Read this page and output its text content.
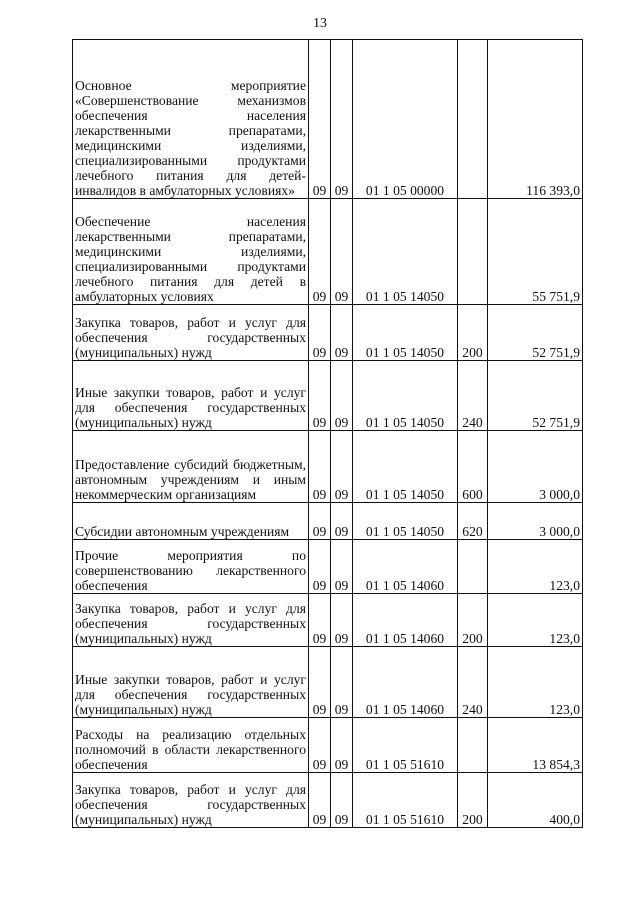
13
Основное мероприятие «Совершенствование механизмов обеспечения населения лекарственными препаратами, медицинскими изделиями, специализированными продуктами лечебного питания для детей-инвалидов в амбулаторных условиях»	09	09	01 1 05 00000		116 393,0
Обеспечение населения лекарственными препаратами, медицинскими изделиями, специализированными продуктами лечебного питания для детей в амбулаторных условиях	09	09	01 1 05 14050		55 751,9
Закупка товаров, работ и услуг для обеспечения государственных (муниципальных) нужд	09	09	01 1 05 14050	200	52 751,9
Иные закупки товаров, работ и услуг для обеспечения государственных (муниципальных) нужд	09	09	01 1 05 14050	240	52 751,9
Предоставление субсидий бюджетным, автономным учреждениям и иным некоммерческим организациям	09	09	01 1 05 14050	600	3 000,0
Субсидии автономным учреждениям	09	09	01 1 05 14050	620	3 000,0
Прочие мероприятия по совершенствованию лекарственного обеспечения	09	09	01 1 05 14060		123,0
Закупка товаров, работ и услуг для обеспечения государственных (муниципальных) нужд	09	09	01 1 05 14060	200	123,0
Иные закупки товаров, работ и услуг для обеспечения государственных (муниципальных) нужд	09	09	01 1 05 14060	240	123,0
Расходы на реализацию отдельных полномочий в области лекарственного обеспечения	09	09	01 1 05 51610		13 854,3
Закупка товаров, работ и услуг для обеспечения государственных (муниципальных) нужд	09	09	01 1 05 51610	200	400,0
